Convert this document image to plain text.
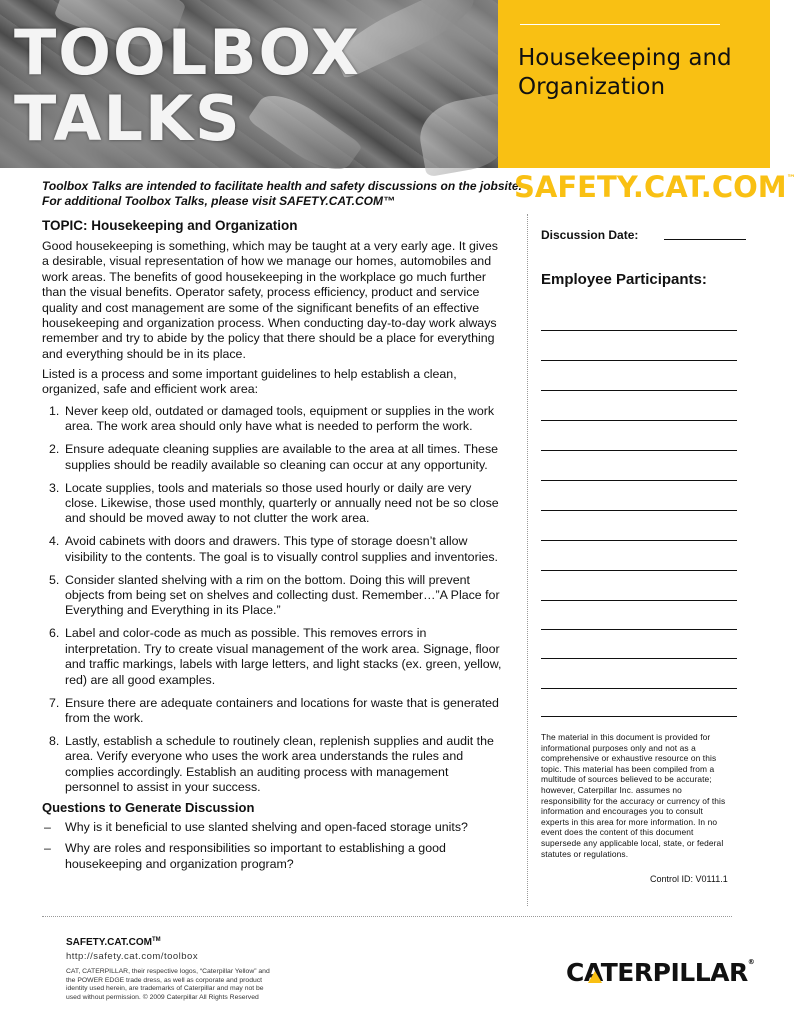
TOOLBOX
TALKS
Housekeeping and
Organization
Toolbox Talks are intended to facilitate health and safety discussions on the jobsite.
For additional Toolbox Talks, please visit SAFETY.CAT.COM™	SAFETY.CAT.COM™
TOPIC: Housekeeping and Organization
Good housekeeping is something, which may be taught at a very early age. It gives
a desirable, visual representation of how we manage our homes, automobiles and
work areas. The benefits of good housekeeping in the workplace go much further
than the visual benefits. Operator safety, process efficiency, product and service
quality and cost management are some of the significant benefits of an effective
housekeeping and organization process. When conducting day-to-day work always
remember and try to abide by the policy that there should be a place for everything
and everything should be in its place.
Listed is a process and some important guidelines to help establish a clean,
organized, safe and efficient work area:
1. Never keep old, outdated or damaged tools, equipment or supplies in the work
area. The work area should only have what is needed to perform the work.
2. Ensure adequate cleaning supplies are available to the area at all times. These
supplies should be readily available so cleaning can occur at any opportunity.
3. Locate supplies, tools and materials so those used hourly or daily are very
close. Likewise, those used monthly, quarterly or annually need not be so close
and should be moved away to not clutter the work area.
4. Avoid cabinets with doors and drawers. This type of storage doesn’t allow
visibility to the contents. The goal is to visually control supplies and inventories.
5. Consider slanted shelving with a rim on the bottom. Doing this will prevent
objects from being set on shelves and collecting dust. Remember…”A Place for
Everything and Everything in its Place.”
6. Label and color-code as much as possible. This removes errors in
interpretation. Try to create visual management of the work area. Signage, floor
and traffic markings, labels with large letters, and light stacks (ex. green, yellow,
red) are all good examples.
7. Ensure there are adequate containers and locations for waste that is generated
from the work.
8. Lastly, establish a schedule to routinely clean, replenish supplies and audit the
area. Verify everyone who uses the work area understands the rules and
complies accordingly. Establish an auditing process with management
personnel to assist in your success.
Questions to Generate Discussion
– Why is it beneficial to use slanted shelving and open-faced storage units?
– Why are roles and responsibilities so important to establishing a good
housekeeping and organization program?
Discussion Date:
Employee Participants:
The material in this document is provided for
informational purposes only and not as a
comprehensive or exhaustive resource on this
topic. This material has been compiled from a
multitude of sources believed to be accurate;
however, Caterpillar Inc. assumes no
responsibility for the accuracy or currency of this
information and encourages you to consult
experts in this area for more information. In no
event does the content of this document
supersede any applicable local, state, or federal
statutes or regulations.
Control ID: V0111.1
SAFETY.CAT.COM™
http://safety.cat.com/toolbox
CAT, CATERPILLAR, their respective logos, “Caterpillar Yellow” and
the POWER EDGE trade dress, as well as corporate and product
identity used herein, are trademarks of Caterpillar and may not be
used without permission. © 2009 Caterpillar All Rights Reserved
CATERPILLAR®
